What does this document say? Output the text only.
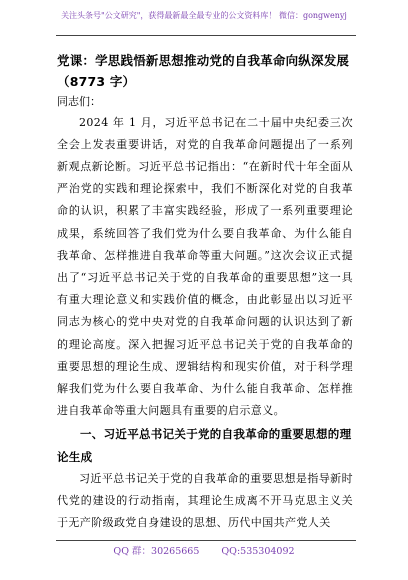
关注头条号"公文研究"，获得最新最全最专业的公文资料库！ 微信：gongwenyj

党课：学思践悟新思想推动党的自我革命向纵深发展（8773 字）

同志们：

2024 年 1 月，习近平总书记在二十届中央纪委三次全会上发表重要讲话，对党的自我革命问题提出了一系列新观点新论断。习近平总书记指出：“在新时代十年全面从严治党的实践和理论探索中，我们不断深化对党的自我革命的认识，积累了丰富实践经验，形成了一系列重要理论成果，系统回答了我们党为什么要自我革命、为什么能自我革命、怎样推进自我革命等重大问题。”这次会议正式提出了“习近平总书记关于党的自我革命的重要思想”这一具有重大理论意义和实践价值的概念，由此彰显出以习近平同志为核心的党中央对党的自我革命问题的认识达到了新的理论高度。深入把握习近平总书记关于党的自我革命的重要思想的理论生成、逻辑结构和现实价值，对于科学理解我们党为什么要自我革命、为什么能自我革命、怎样推进自我革命等重大问题具有重要的启示意义。

一、习近平总书记关于党的自我革命的重要思想的理论生成

习近平总书记关于党的自我革命的重要思想是指导新时代党的建设的行动指南，其理论生成离不开马克思主义关于无产阶级政党自身建设的思想、历代中国共产党人关

QQ 群：30265665 QQ:535304092
